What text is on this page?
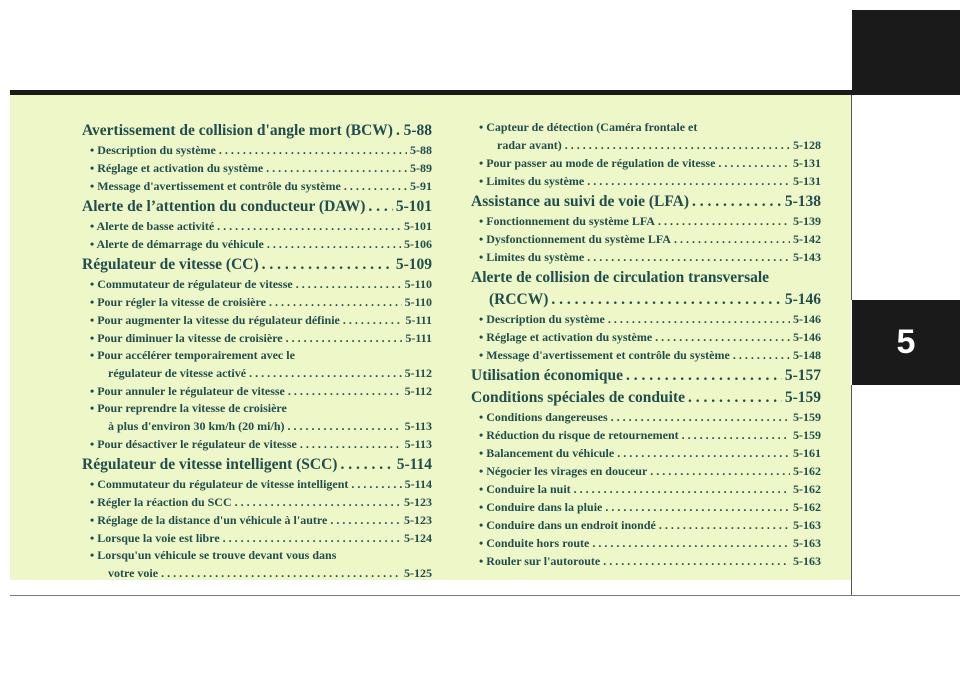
5
Avertissement de collision d'angle mort (BCW) . . . 5-88
• Description du système . . .	5-88
• Réglage et activation du système . . .	5-89
• Message d'avertissement et contrôle du système . . .	5-91
Alerte de l’attention du conducteur (DAW) . . . 5-101
• Alerte de basse activité . . .	5-101
• Alerte de démarrage du véhicule . . .	5-106
Régulateur de vitesse (CC) . . .	5-109
• Commutateur de régulateur de vitesse . . .	5-110
• Pour régler la vitesse de croisière . . .	5-110
• Pour augmenter la vitesse du régulateur définie . . .	5-111
• Pour diminuer la vitesse de croisière . . .	5-111
• Pour accélérer temporairement avec le
régulateur de vitesse activé . . .	5-112
• Pour annuler le régulateur de vitesse . . .	5-112
• Pour reprendre la vitesse de croisière
à plus d'environ 30 km/h (20 mi/h) . . .	5-113
• Pour désactiver le régulateur de vitesse . . .	5-113
Régulateur de vitesse intelligent (SCC) . . .	5-114
• Commutateur du régulateur de vitesse intelligent . . .	5-114
• Régler la réaction du SCC . . .	5-123
• Réglage de la distance d'un véhicule à l'autre . . .	5-123
• Lorsque la voie est libre . . .	5-124
• Lorsqu'un véhicule se trouve devant vous dans
votre voie . . .	5-125
• Capteur de détection (Caméra frontale et
radar avant) . . .	5-128
• Pour passer au mode de régulation de vitesse . . .	5-131
• Limites du système . . .	5-131
Assistance au suivi de voie (LFA) . . .	5-138
• Fonctionnement du système LFA . . .	5-139
• Dysfonctionnement du système LFA . . .	5-142
• Limites du système . . .	5-143
Alerte de collision de circulation transversale
(RCCW) . . .	5-146
• Description du système . . .	5-146
• Réglage et activation du système . . .	5-146
• Message d'avertissement et contrôle du système . . .	5-148
Utilisation économique . . .	5-157
Conditions spéciales de conduite . . .	5-159
• Conditions dangereuses . . .	5-159
• Réduction du risque de retournement . . .	5-159
• Balancement du véhicule . . .	5-161
• Négocier les virages en douceur . . .	5-162
• Conduire la nuit . . .	5-162
• Conduire dans la pluie . . .	5-162
• Conduire dans un endroit inondé . . .	5-163
• Conduite hors route . . .	5-163
• Rouler sur l'autoroute . . .	5-163
